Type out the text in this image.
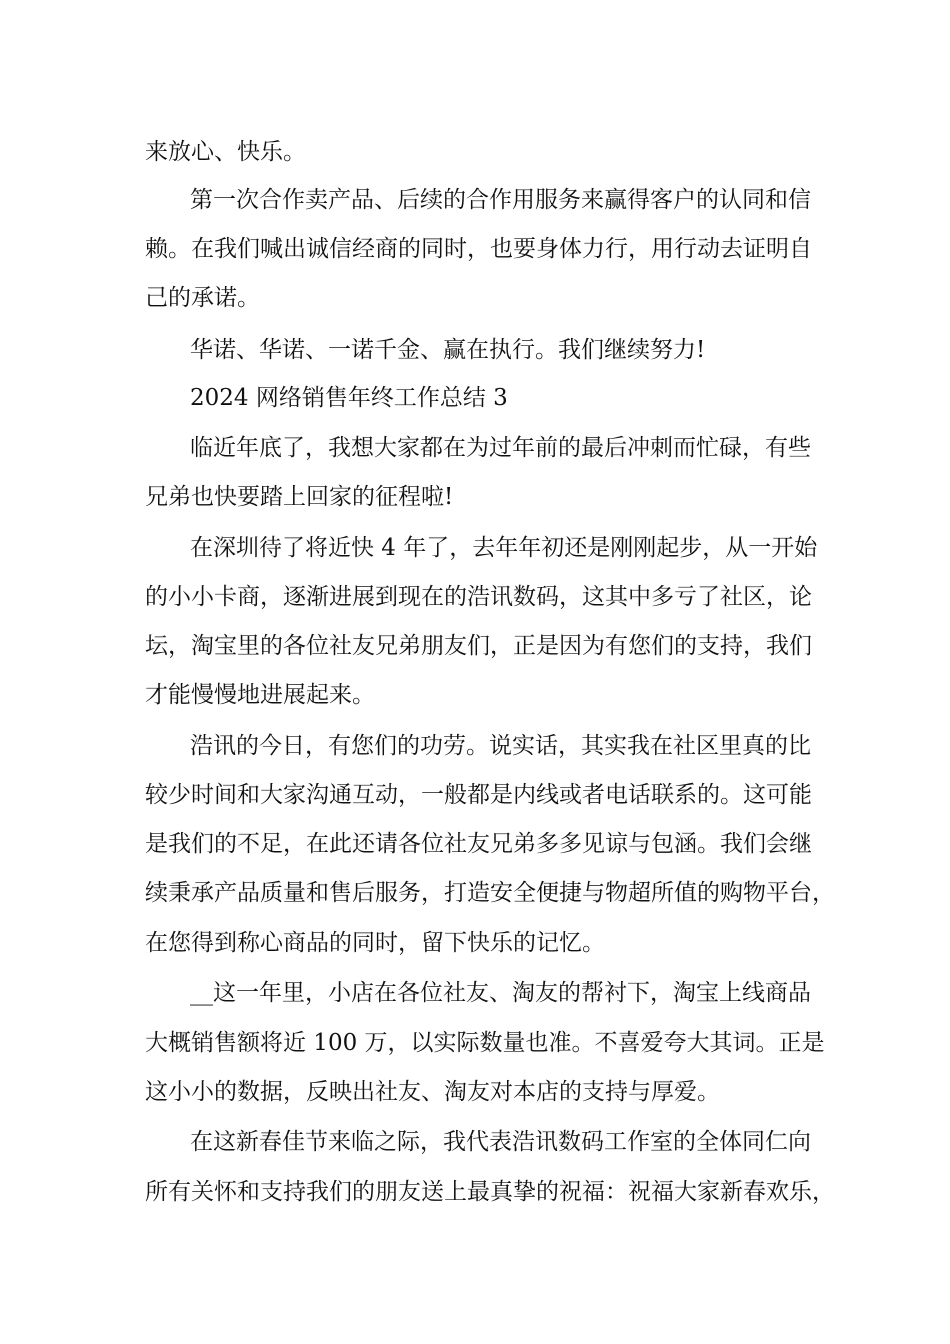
来放心、快乐。

第一次合作卖产品、后续的合作用服务来赢得客户的认同和信

赖。在我们喊出诚信经商的同时，也要身体力行，用行动去证明自

己的承诺。

华诺、华诺、一诺千金、赢在执行。我们继续努力!

2024 网络销售年终工作总结 3

临近年底了，我想大家都在为过年前的最后冲刺而忙碌，有些

兄弟也快要踏上回家的征程啦!

在深圳待了将近快 4 年了，去年年初还是刚刚起步，从一开始

的小小卡商，逐渐进展到现在的浩讯数码，这其中多亏了社区，论

坛，淘宝里的各位社友兄弟朋友们，正是因为有您们的支持，我们

才能慢慢地进展起来。

浩讯的今日，有您们的功劳。说实话，其实我在社区里真的比

较少时间和大家沟通互动，一般都是内线或者电话联系的。这可能

是我们的不足，在此还请各位社友兄弟多多见谅与包涵。我们会继

续秉承产品质量和售后服务，打造安全便捷与物超所值的购物平台，

在您得到称心商品的同时，留下快乐的记忆。

__这一年里，小店在各位社友、淘友的帮衬下，淘宝上线商品

大概销售额将近 100 万，以实际数量也准。不喜爱夸大其词。正是

这小小的数据，反映出社友、淘友对本店的支持与厚爱。

在这新春佳节来临之际，我代表浩讯数码工作室的全体同仁向

所有关怀和支持我们的朋友送上最真挚的祝福：祝福大家新春欢乐，
